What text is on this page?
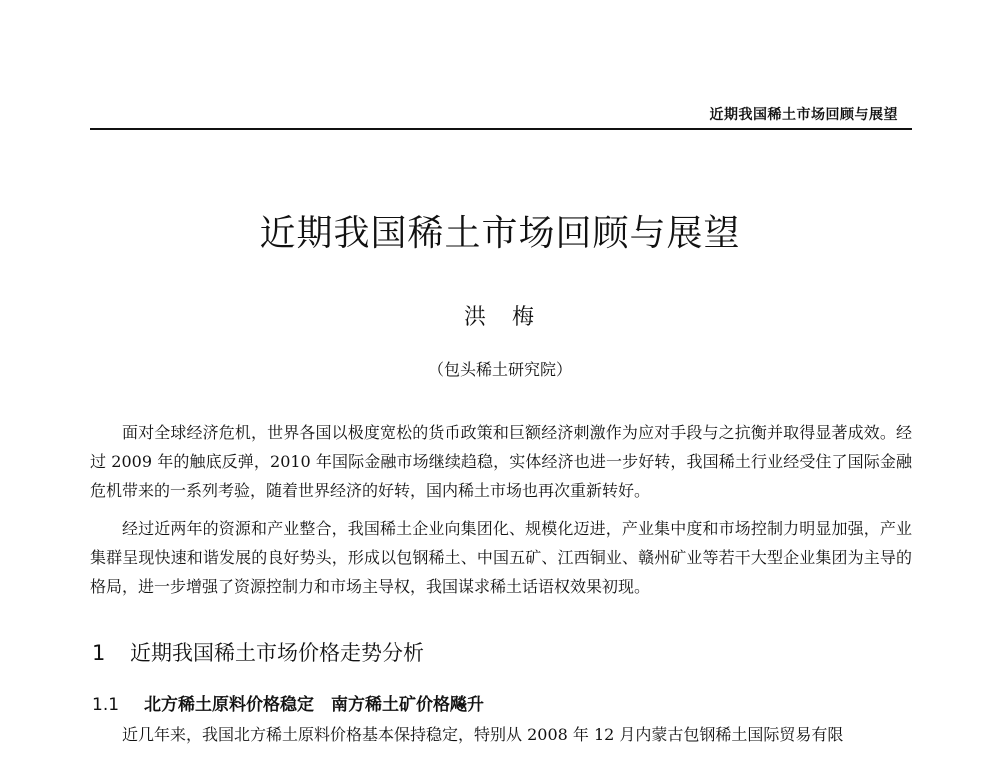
近期我国稀土市场回顾与展望
近期我国稀土市场回顾与展望
洪　梅
（包头稀土研究院）

面对全球经济危机，世界各国以极度宽松的货币政策和巨额经济刺激作为应对手段与之抗衡并取得显著成效。经过 2009 年的触底反弹，2010 年国际金融市场继续趋稳，实体经济也进一步好转，我国稀土行业经受住了国际金融危机带来的一系列考验，随着世界经济的好转，国内稀土市场也再次重新转好。

经过近两年的资源和产业整合，我国稀土企业向集团化、规模化迈进，产业集中度和市场控制力明显加强，产业集群呈现快速和谐发展的良好势头，形成以包钢稀土、中国五矿、江西铜业、赣州矿业等若干大型企业集团为主导的格局，进一步增强了资源控制力和市场主导权，我国谋求稀土话语权效果初现。

1 近期我国稀土市场价格走势分析
1.1 北方稀土原料价格稳定　南方稀土矿价格飚升

近几年来，我国北方稀土原料价格基本保持稳定，特别从 2008 年 12 月内蒙古包钢稀土国际贸易有限
